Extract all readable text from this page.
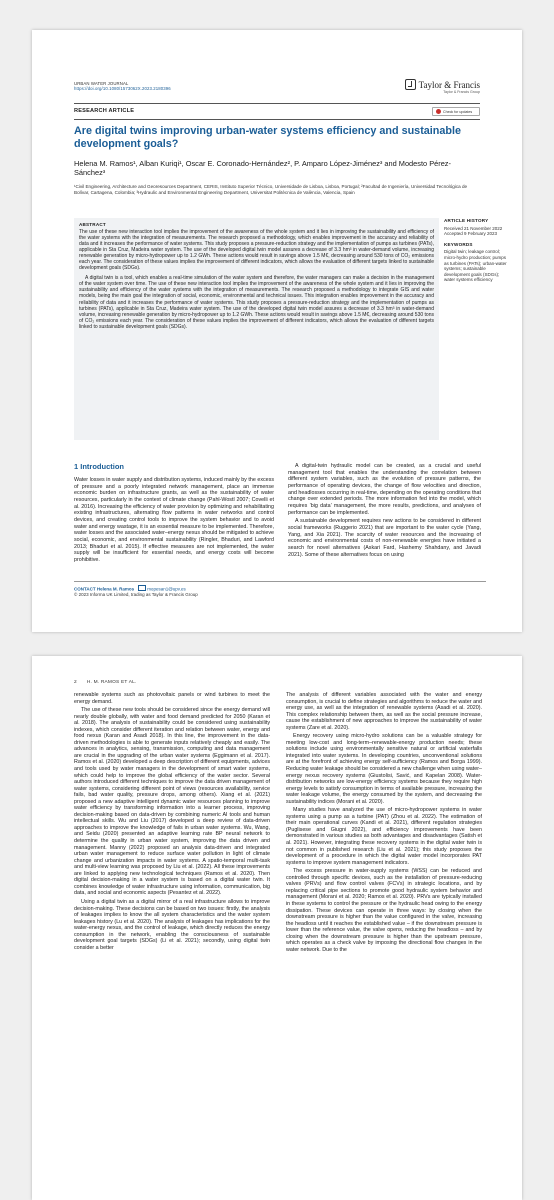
URBAN WATER JOURNAL
https://doi.org/10.1080/1573062X.2023.2180396	Taylor & Francis
Taylor & Francis Group
RESEARCH ARTICLE	Check for updates
Are digital twins improving urban-water systems efficiency and sustainable development goals?
Helena M. Ramos¹, Alban Kuriqi¹, Oscar E. Coronado-Hernández², P. Amparo López-Jiménez³ and Modesto Pérez-Sánchez³
¹Civil Engineering, Architecture and Georesources Department, CERIS, Instituto Superior Técnico, Universidade de Lisboa, Lisboa, Portugal; ²Facultad de Ingeniería, Universidad Tecnológica de Bolívar, Cartagena, Colombia; ³Hydraulic and Environmental Engineering Department, Universitat Politècnica de València, Valencia, Spain
ABSTRACT

The use of these new interaction tool implies the improvement of the awareness of the whole system and it lies in improving the sustainability and efficiency of the water systems with the integration of measurements. The research proposed a methodology, which enables improvement in the accuracy and reliability of data and it increases the performance of water systems. This study proposes a pressure-reduction strategy and the implementation of pumps as turbines (PATs), applicable in Sta Cruz, Madeira water system. The use of the developed digital twin model assures a decrease of 3.3 hm³ in water-demand volume, increasing renewable generation by micro-hydropower up to 1.2 GWh. These actions would result in savings above 1.5 M€, decreasing around 530 tons of CO₂ emissions each year. The consideration of these values implies the improvement of different indicators, which allows the evaluation of different targets linked to sustainable development goals (SDGs).

A digital twin is a tool, which enables a real-time simulation of the water system and therefore, the water managers can make a decision in the management of the water system over time. The use of these new interaction tool implies the improvement of the awareness of the whole system and it lies in improving the sustainability and efficiency of the water systems with the integration of measurements. The research proposed a methodology to integrate GIS and water models, being the main goal the integration of social, economic, environmental and technical issues. This integration enables improvement in the accuracy and reliability of data and it increases the performance of water systems. This study proposes a pressure-reduction strategy and the implementation of pumps as turbines (PATs), applicable in Sta Cruz, Madeira water system. The use of the developed digital twin model assures a decrease of 3.3 hm³ in water-demand volume, increasing renewable generation by micro-hydropower up to 1.2 GWh. These actions would result in savings above 1.5 M€, decreasing around 530 tons of CO₂ emissions each year. The consideration of these values implies the improvement of different indicators, which allows the evaluation of different targets linked to sustainable development goals (SDGs).

ARTICLE HISTORY
Received 21 November 2022
Accepted 9 February 2023
KEYWORDS
Digital twin; leakage control; micro-hydro production; pumps as turbines (PATs); urban-water systems; sustainable development goals (SDGs); water systems efficiency
1 Introduction

Water losses in water supply and distribution systems, induced mainly by the excess of pressure and a poorly integrated network management, place an immense economic burden on infrastructure grants, as well as the sustainability of water resources, particularly in the context of climate change (Pahl-Wostl 2007; Covelli et al. 2016). Increasing the efficiency of water provision by optimizing and rehabilitating existing infrastructures, alternating flow patterns in water networks and control devices, and creating control tools to improve the system behavior and to avoid water and energy wastage, it is an essential measure to be implemented. Therefore, water losses and the associated water–energy nexus should be mitigated to achieve social, economic, and environmental sustainability (Ringler, Bhaduri, and Lawford 2013; Bhaduri et al. 2015). If effective measures are not implemented, the water supply will be insufficient for essential needs, and energy costs will become prohibitive.

A digital-twin hydraulic model can be created, as a crucial and useful management tool that enables the understanding the correlation between different system variables, such as the evolution of pressure patterns, the performance of operating devices, the change of flow velocities and direction, and headlosses occurring in real-time, depending on the operating conditions that change over extended periods. The more information fed into the model, which requires ‘big data’ management, the more results, predictions, and analyses of performance can be implemented.

A sustainable development requires new actions to be considered in different social frameworks (Ruggerio 2021) that are important to the water cycle (Yang, Yang, and Xia 2021). The scarcity of water resources and the increasing of economic and environmental costs of non-renewable energies have initiated a search for novel alternatives (Askari Fard, Hashemy Shahdany, and Javadi 2021). Some of these alternatives focus on using

CONTACT Helena M. Ramos	mopesan1@upv.es
© 2023 Informa UK Limited, trading as Taylor & Francis Group
2 H. M. RAMOS ET AL.

renewable systems such as photovoltaic panels or wind turbines to meet the energy demand.

The use of these new tools should be considered since the energy demand will nearly double globally, with water and food demand predicted for 2050 (Karan et al. 2018). The analysis of sustainability could be considered using sustainability indexes, which consider different iteration and relation between water, energy and food nexus (Karan and Asadi 2018). In this line, the improvement in the data-driven methodologies is able to generate inputs relatively cheaply and easily. The advances in analytics, sensing, transmission, computing and data management are crucial in the upgrading of the urban water systems (Eggimann et al. 2017). Ramos et al. (2020) developed a deep description of different equipments, advices and tools used by water managers in the development of smart water systems, which could help to improve the global efficiency of the water sector. Several authors introduced different techniques to improve the data driven management of water systems, considering different point of views (resources availability, service fails, bad water quality, pressure drops, among others). Xiang et al. (2021) proposed a new adaptive intelligent dynamic water resources planning to improve water efficiency by transforming information into a learner process, improving decision-making based on data-driven by combining numeric AI tools and human intellectual skills. Wu and Liu (2017) developed a deep review of data-driven approaches to improve the knowledge of fails in urban water systems. Wu, Wang, and Seidu (2020) presented an adaptive learning rate BP neural network to determine the quality in urban water system, improving the data driven and management. Manny (2022) proposed an analysis data-driven and integrated urban water management to reduce surface water pollution in light of climate change and urbanization impacts in water systems. A spatio-temporal multi-task and multi-view learning was proposed by Liu et al. (2022). All these improvements are linked to applying new technological techniques (Ramos et al. 2020). Then digital decision-making in a water system is based on a digital water twin. It combines knowledge of water infrastructure using information, communication, big data, and social and economic aspects (Pesantez et al. 2022).

Using a digital twin as a digital mirror of a real infrastructure allows to improve decision-making. These decisions can be based on two issues: firstly, the analysis of leakages implies to know the all system characteristics and the water system leakages history (Lu et al. 2020). The analysis of leakages has implications for the water-energy nexus, and the control of leakage, which directly reduces the energy consumption in the network, enabling the consciousness of sustainable development goal targets (SDGs) (Li et al. 2021); secondly, using digital twin consider a better

The analysis of different variables associated with the water and energy consumption, is crucial to define strategies and algorithms to reduce the water and energy use, as well as the integration of renewable systems (Asadi et al. 2020). This complex relationship between them, as well as the social pressure increase, cause the establishment of new approaches to improve the sustainability of water systems (Zare et al. 2020).

Energy recovery using micro-hydro solutions can be a valuable strategy for meeting low-cost and long-term–renewable-energy production needs; these solutions include using environmentally sensitive natural or artificial waterfalls integrated into water systems. In developing countries, unconventional solutions are at the forefront of achieving energy self-sufficiency (Ramos and Borga 1999). Reducing water leakage should be considered a new challenge when using water–energy nexus recovery systems (Giustolisi, Savić, and Kapelan 2008). Water-distribution networks are low-energy efficiency systems because they require high energy levels to satisfy consumption in terms of available pressure, increasing the water leakage volume, the energy consumed by the system, and decreasing the sustainability indices (Morani et al. 2020).

Many studies have analyzed the use of micro-hydropower systems in water systems using a pump as a turbine (PAT) (Zhou et al. 2022). The estimation of their main operational curves (Kandi et al. 2021), different regulation strategies (Puglisese and Giugni 2022), and efficiency improvements have been demonstrated in various studies as both advantages and disadvantages (Satish et al. 2021). However, integrating these recovery systems in the digital water twin is not common in published research (Liu et al. 2021); this study proposes the development of a procedure in which the digital water model incorporates PAT systems to improve system management indicators.

The excess pressure in water-supply systems (WSS) can be reduced and controlled through specific devices, such as the installation of pressure-reducing valves (PRVs) and flow control valves (FCVs) in strategic locations, and by replacing critical pipe sections to promote good hydraulic system behavior and management (Morani et al. 2020; Ramos et al. 2020). PRVs are typically installed in these systems to control the pressure or the hydraulic head owing to the energy dissipation. These devices can operate in three ways: by closing when the downstream pressure is higher than the value configured in the valve, increasing the headloss until it reaches the established value – if the downstream pressure is lower than the reference value, the valve opens, reducing the headloss – and by closing when the downstream pressure is higher than the upstream pressure, which operates as a check valve by imposing the directional flow changes in the water network. Due to the
